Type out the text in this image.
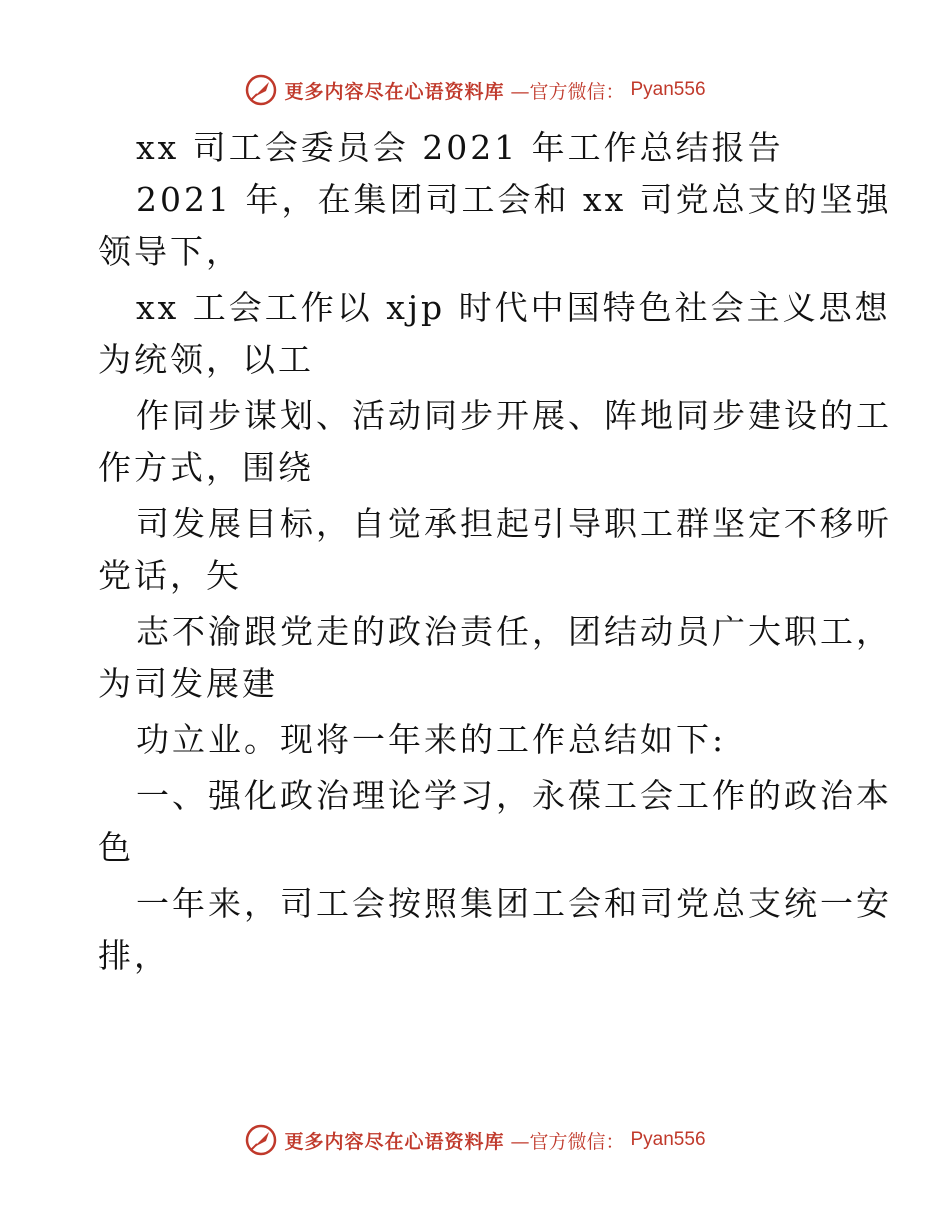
更多内容尽在心语资料库 —官方微信： Pyan556
xx 司工会委员会 2021 年工作总结报告
2021 年，在集团司工会和 xx 司党总支的坚强
领导下，
xx 工会工作以 xjp 时代中国特色社会主义思想
为统领，以工
作同步谋划、活动同步开展、阵地同步建设的工
作方式，围绕
司发展目标，自觉承担起引导职工群坚定不移听
党话，矢
志不渝跟党走的政治责任，团结动员广大职工，
为司发展建
功立业。现将一年来的工作总结如下:
一、强化政治理论学习，永葆工会工作的政治本
色
一年来，司工会按照集团工会和司党总支统一安
排，
更多内容尽在心语资料库 —官方微信： Pyan556
